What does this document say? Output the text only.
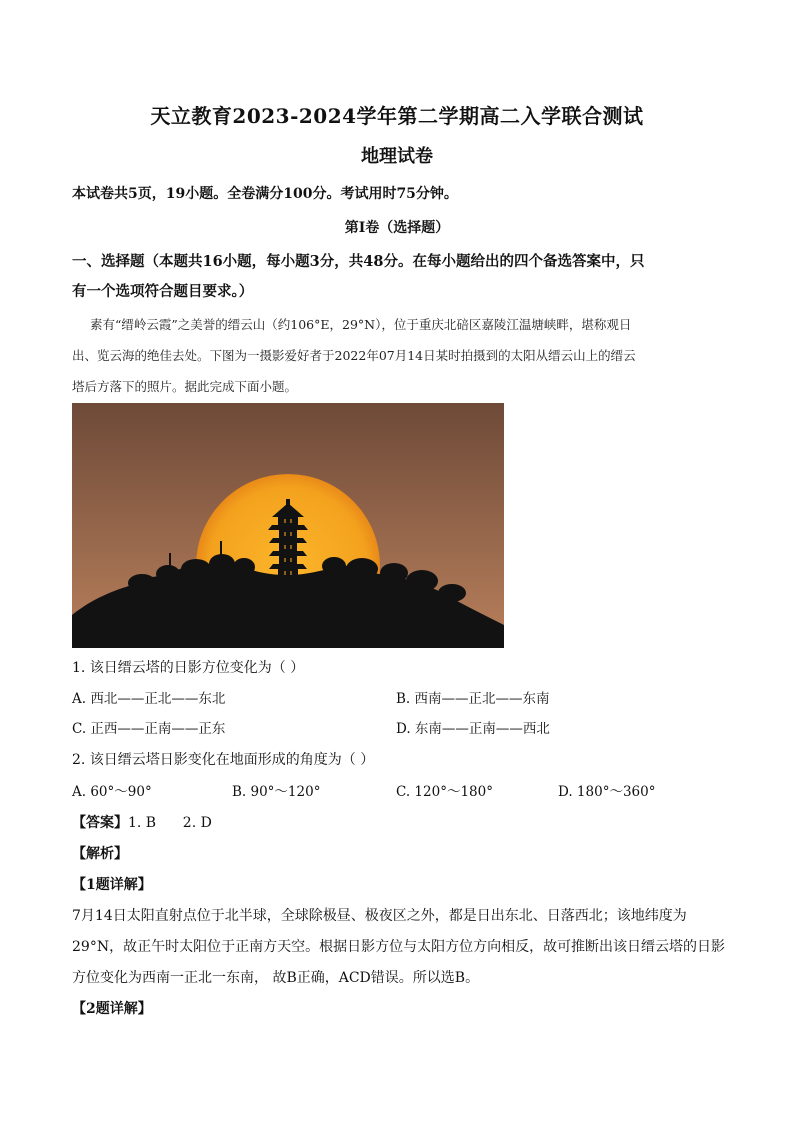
天立教育2023-2024学年第二学期高二入学联合测试
地理试卷
本试卷共5页，19小题。全卷满分100分。考试用时75分钟。
第Ⅰ卷（选择题）
一、选择题（本题共16小题，每小题3分，共48分。在每小题给出的四个备选答案中，只
有一个选项符合题目要求。）
素有“缙岭云霞”之美誉的缙云山（约106°E，29°N），位于重庆北碚区嘉陵江温塘峡畔，堪称观日
出、览云海的绝佳去处。下图为一摄影爱好者于2022年07月14日某时拍摄到的太阳从缙云山上的缙云
塔后方落下的照片。据此完成下面小题。
1. 该日缙云塔的日影方位变化为（ ）
A. 西北——正北——东北	B. 西南——正北——东南
C. 正西——正南——正东	D. 东南——正南——西北
2. 该日缙云塔日影变化在地面形成的角度为（ ）
A. 60°～90°	B. 90°～120°	C. 120°～180°	D. 180°～360°
【答案】1. B      2. D
【解析】
【1题详解】
7月14日太阳直射点位于北半球，全球除极昼、极夜区之外，都是日出东北、日落西北；该地纬度为
29°N，故正午时太阳位于正南方天空。根据日影方位与太阳方位方向相反，故可推断出该日缙云塔的日影
方位变化为西南一正北一东南， 故B正确，ACD错误。所以选B。
【2题详解】
